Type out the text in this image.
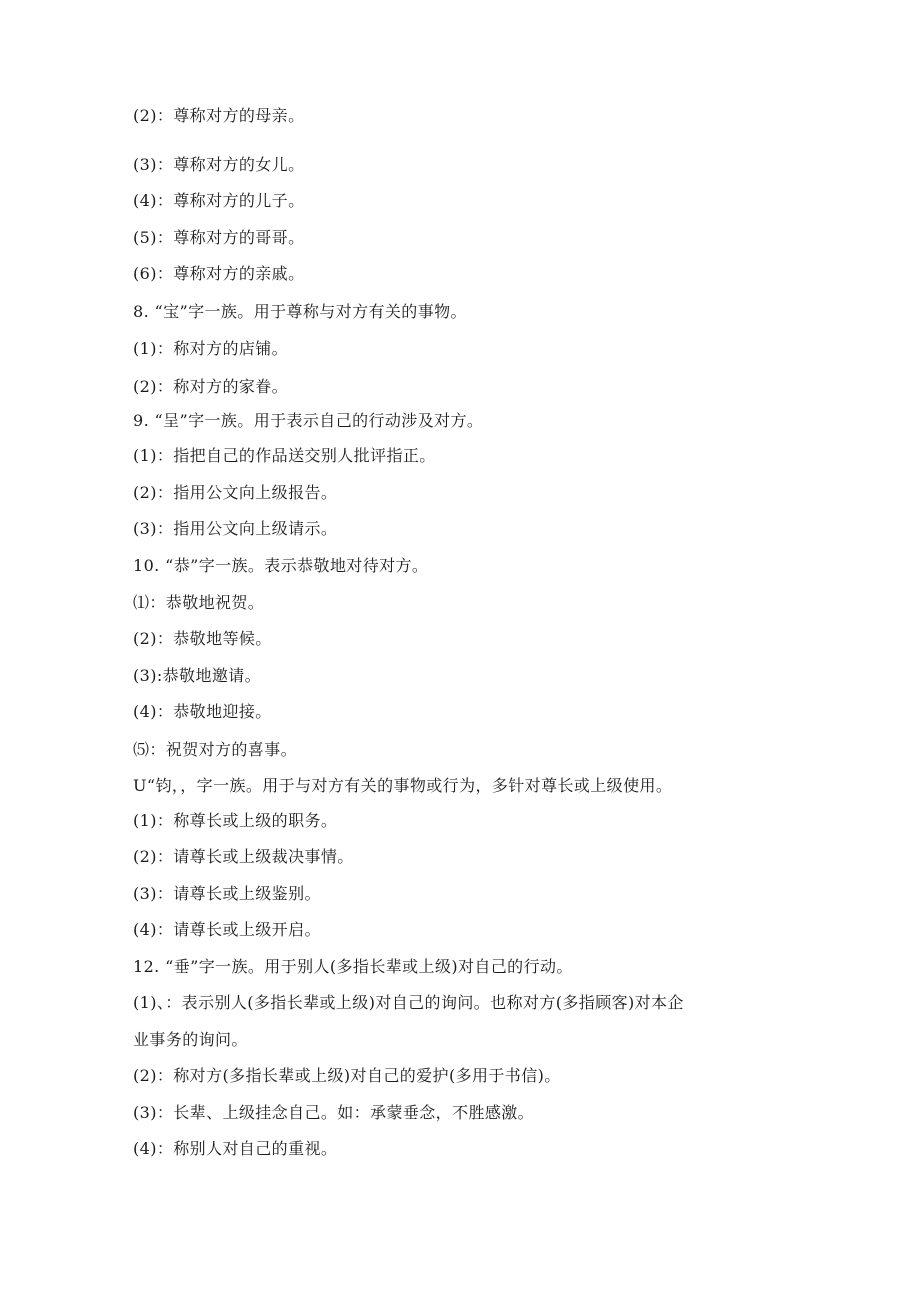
(2)：尊称对方的母亲。
(3)：尊称对方的女儿。
(4)：尊称对方的儿子。
(5)：尊称对方的哥哥。
(6)：尊称对方的亲戚。
8. “宝”字一族。用于尊称与对方有关的事物。
(1)：称对方的店铺。
(2)：称对方的家眷。
9. “呈”字一族。用于表示自己的行动涉及对方。
(1)：指把自己的作品送交别人批评指正。
(2)：指用公文向上级报告。
(3)：指用公文向上级请示。
10. “恭”字一族。表示恭敬地对待对方。
⑴：恭敬地祝贺。
(2)：恭敬地等候。
(3):恭敬地邀请。
(4)：恭敬地迎接。
⑸：祝贺对方的喜事。
U“钧，，字一族。用于与对方有关的事物或行为，多针对尊长或上级使用。
(1)：称尊长或上级的职务。
(2)：请尊长或上级裁决事情。
(3)：请尊长或上级鉴别。
(4)：请尊长或上级开启。
12. “垂”字一族。用于别人(多指长辈或上级)对自己的行动。
(1)、：表示别人(多指长辈或上级)对自己的询问。也称对方(多指顾客)对本企
业事务的询问。
(2)：称对方(多指长辈或上级)对自己的爱护(多用于书信)。
(3)：长辈、上级挂念自己。如：承蒙垂念，不胜感激。
(4)：称别人对自己的重视。
